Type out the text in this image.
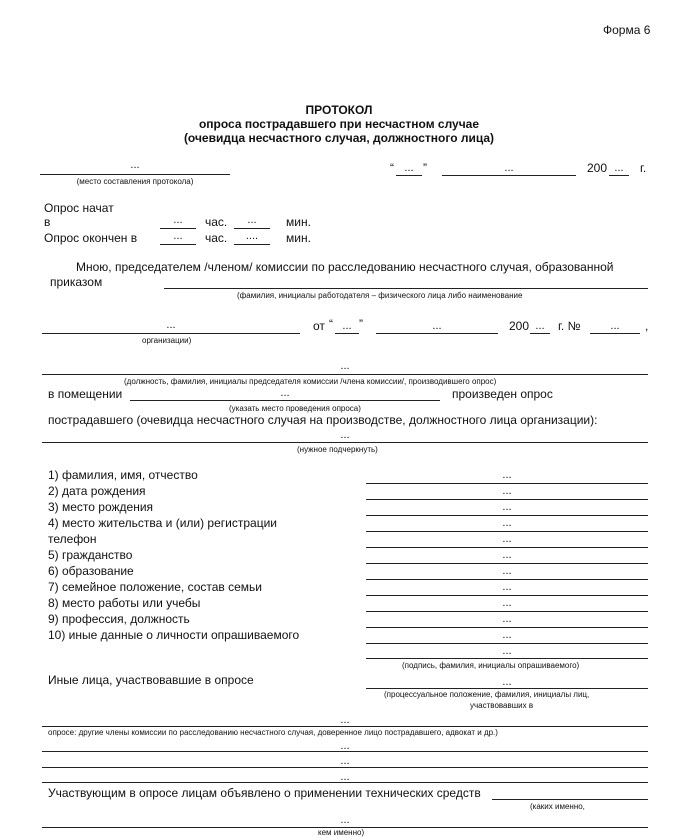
Форма 6
ПРОТОКОЛ
опроса пострадавшего при несчастном случае
(очевидца несчастного случая, должностного лица)
...
(место составления протокола)
“ ... ”	...	200 ...	г.
Опрос начат
в	...	час.	...	мин.
Опрос окончен в	...	час.	....	мин.
Мною, председателем /членом/ комиссии по расследованию несчастного случая, образованной
приказом
(фамилия, инициалы работодателя – физического лица либо наименование
...	от “ ... ”	...	200 ...	г. №	...	,
организации)
...
(должность, фамилия, инициалы председателя комиссии /члена комиссии/, производившего опрос)
в помещении	...	произведен опрос
(указать место проведения опроса)
пострадавшего (очевидца несчастного случая на производстве, должностного лица организации):
...
(нужное подчеркнуть)
1) фамилия, имя, отчество	...
2) дата рождения	...
3) место рождения	...
4) место жительства и (или) регистрации	...
телефон	...
5) гражданство	...
6) образование	...
7) семейное положение, состав семьи	...
8) место работы или учебы	...
9) профессия, должность	...
10) иные данные о личности опрашиваемого	...
...
(подпись, фамилия, инициалы опрашиваемого)
Иные лица, участвовавшие в опросе	...
(процессуальное положение, фамилия, инициалы лиц,
участвовавших в
...
опросе: другие члены комиссии по расследованию несчастного случая, доверенное лицо пострадавшего, адвокат и др.)
...
...
...
Участвующим в опросе лицам объявлено о применении технических средств
(каких именно,
...
кем именно)
